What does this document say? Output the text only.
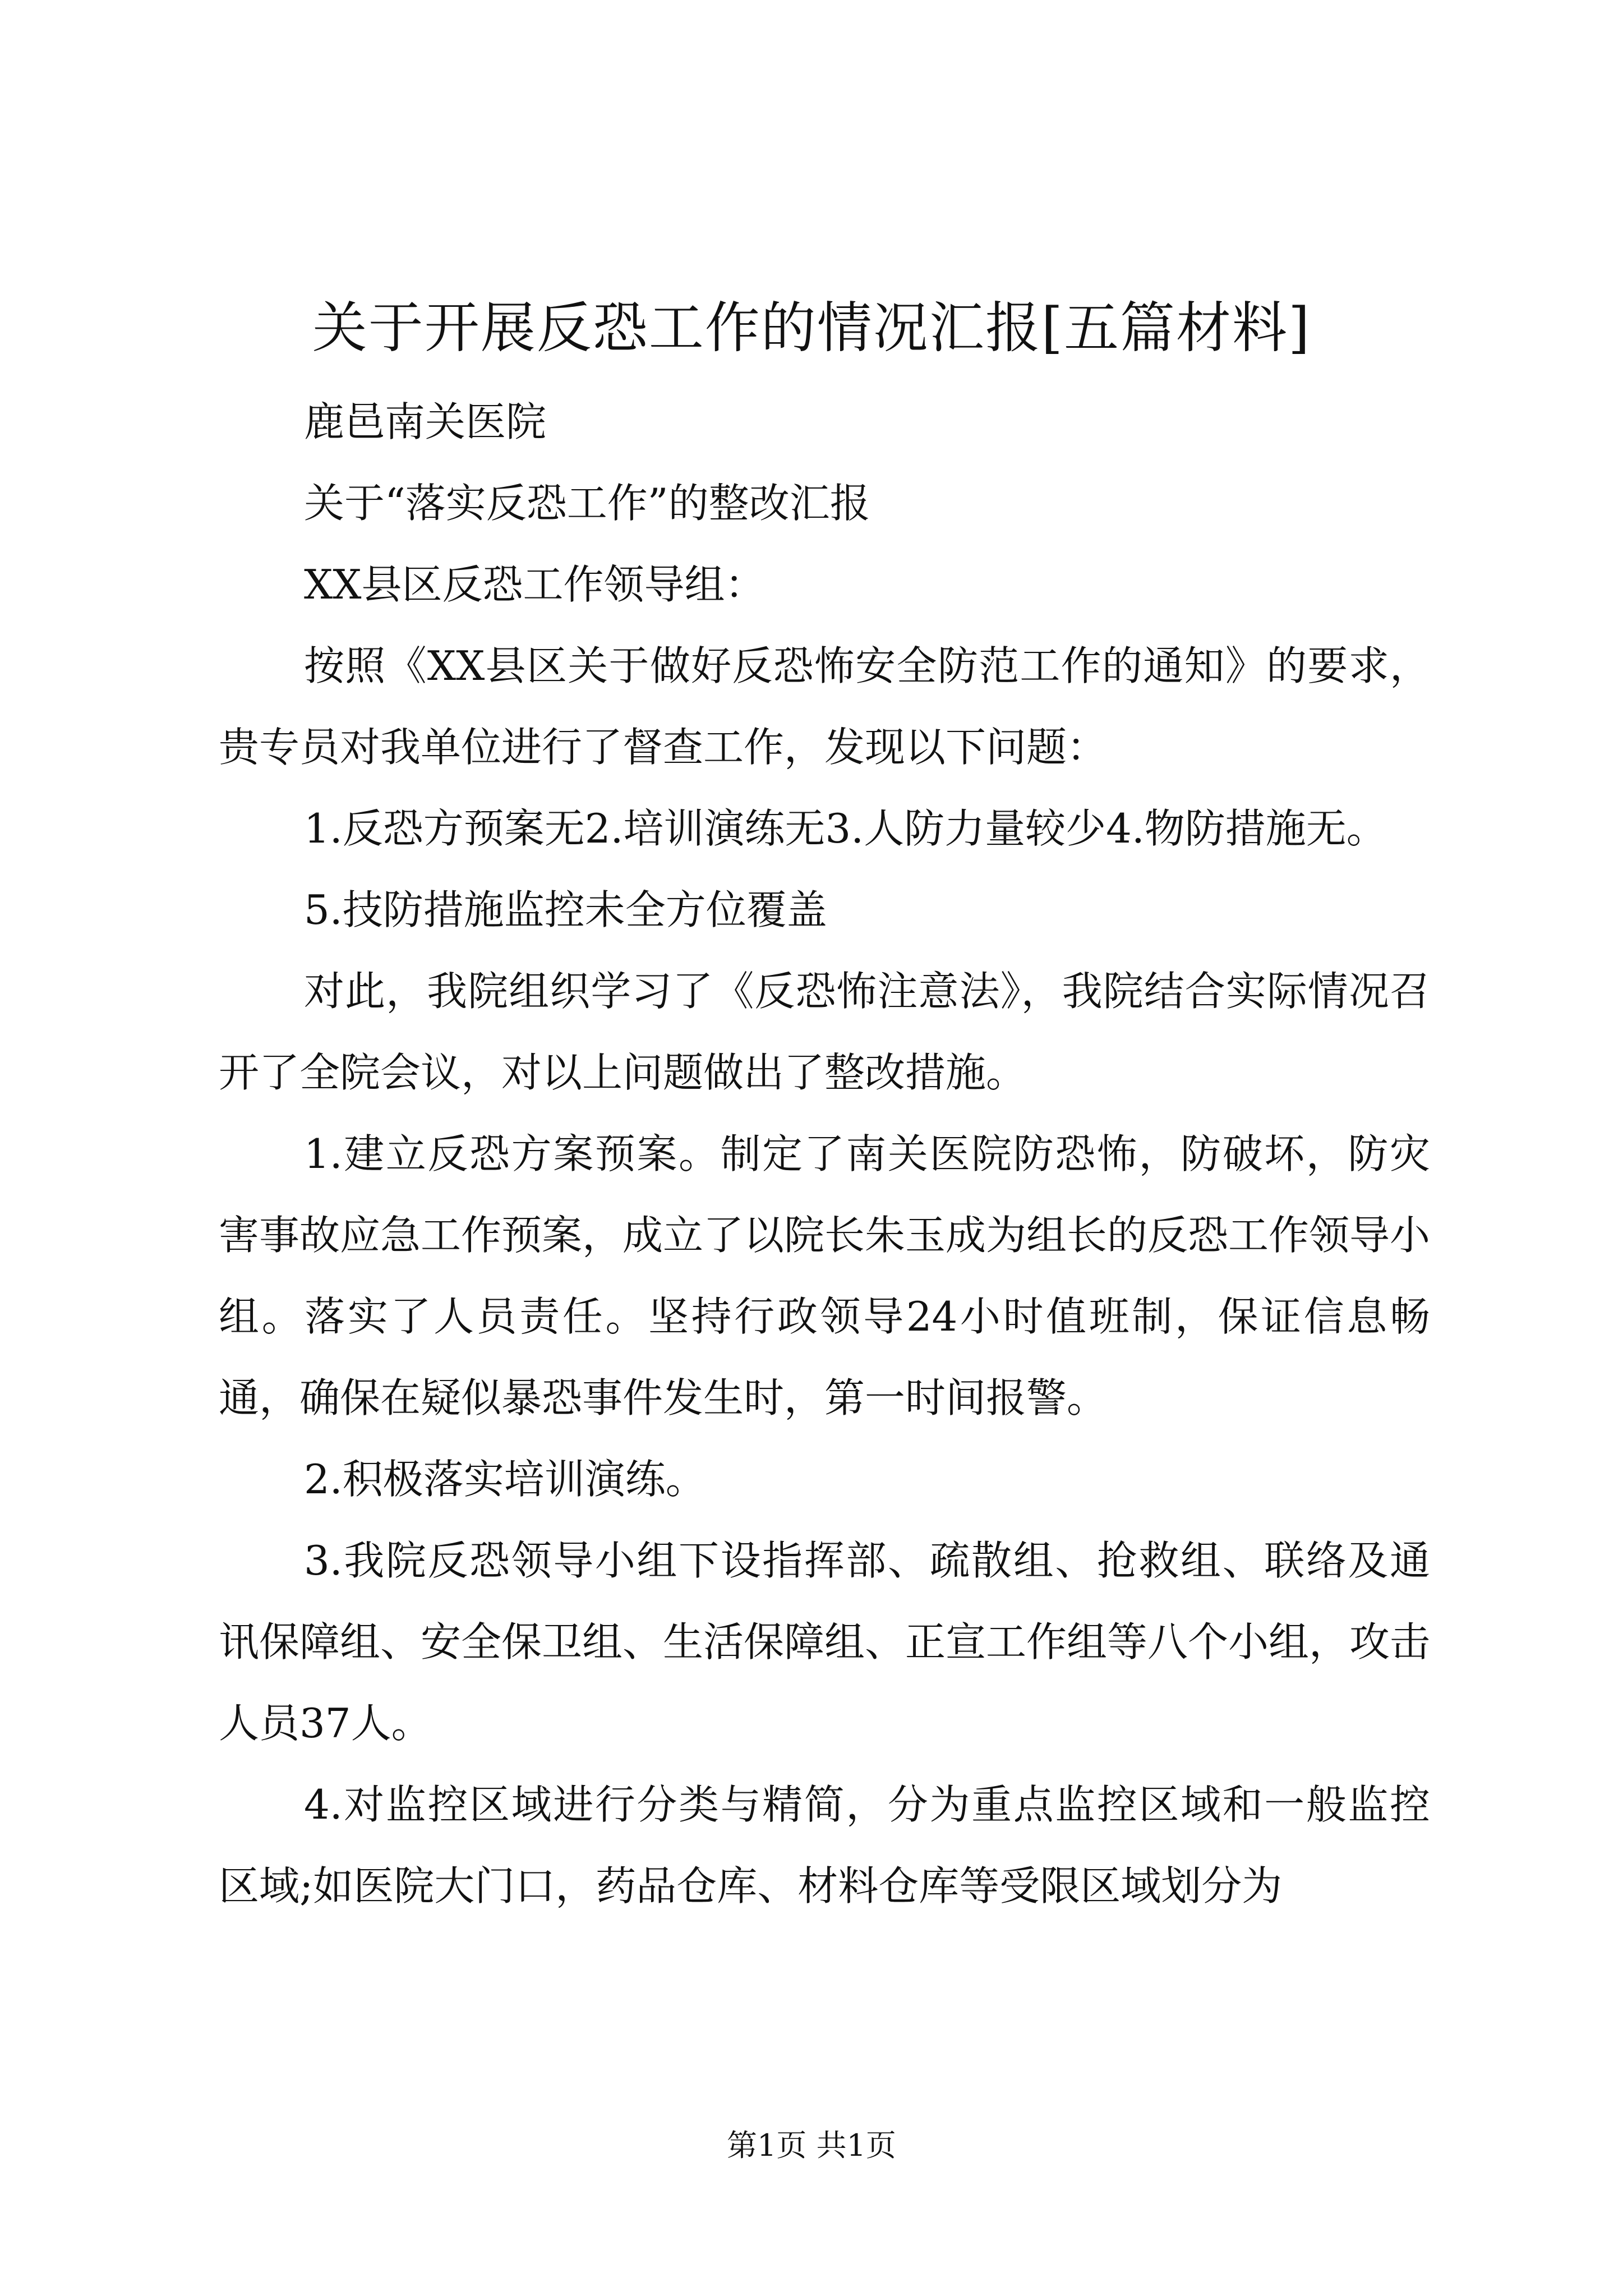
关于开展反恐工作的情况汇报[五篇材料]

鹿邑南关医院

关于“落实反恐工作”的整改汇报

XX县区反恐工作领导组：

按照《XX县区关于做好反恐怖安全防范工作的通知》的要求，贵专员对我单位进行了督查工作，发现以下问题：

1.反恐方预案无2.培训演练无3.人防力量较少4.物防措施无。

5.技防措施监控未全方位覆盖

对此，我院组织学习了《反恐怖注意法》，我院结合实际情况召开了全院会议，对以上问题做出了整改措施。

1.建立反恐方案预案。制定了南关医院防恐怖，防破坏，防灾害事故应急工作预案，成立了以院长朱玉成为组长的反恐工作领导小组。落实了人员责任。坚持行政领导24小时值班制，保证信息畅通，确保在疑似暴恐事件发生时，第一时间报警。

2.积极落实培训演练。

3.我院反恐领导小组下设指挥部、疏散组、抢救组、联络及通讯保障组、安全保卫组、生活保障组、正宣工作组等八个小组，攻击人员37人。

4.对监控区域进行分类与精简，分为重点监控区域和一般监控区域;如医院大门口，药品仓库、材料仓库等受限区域划分为

第1页 共1页
